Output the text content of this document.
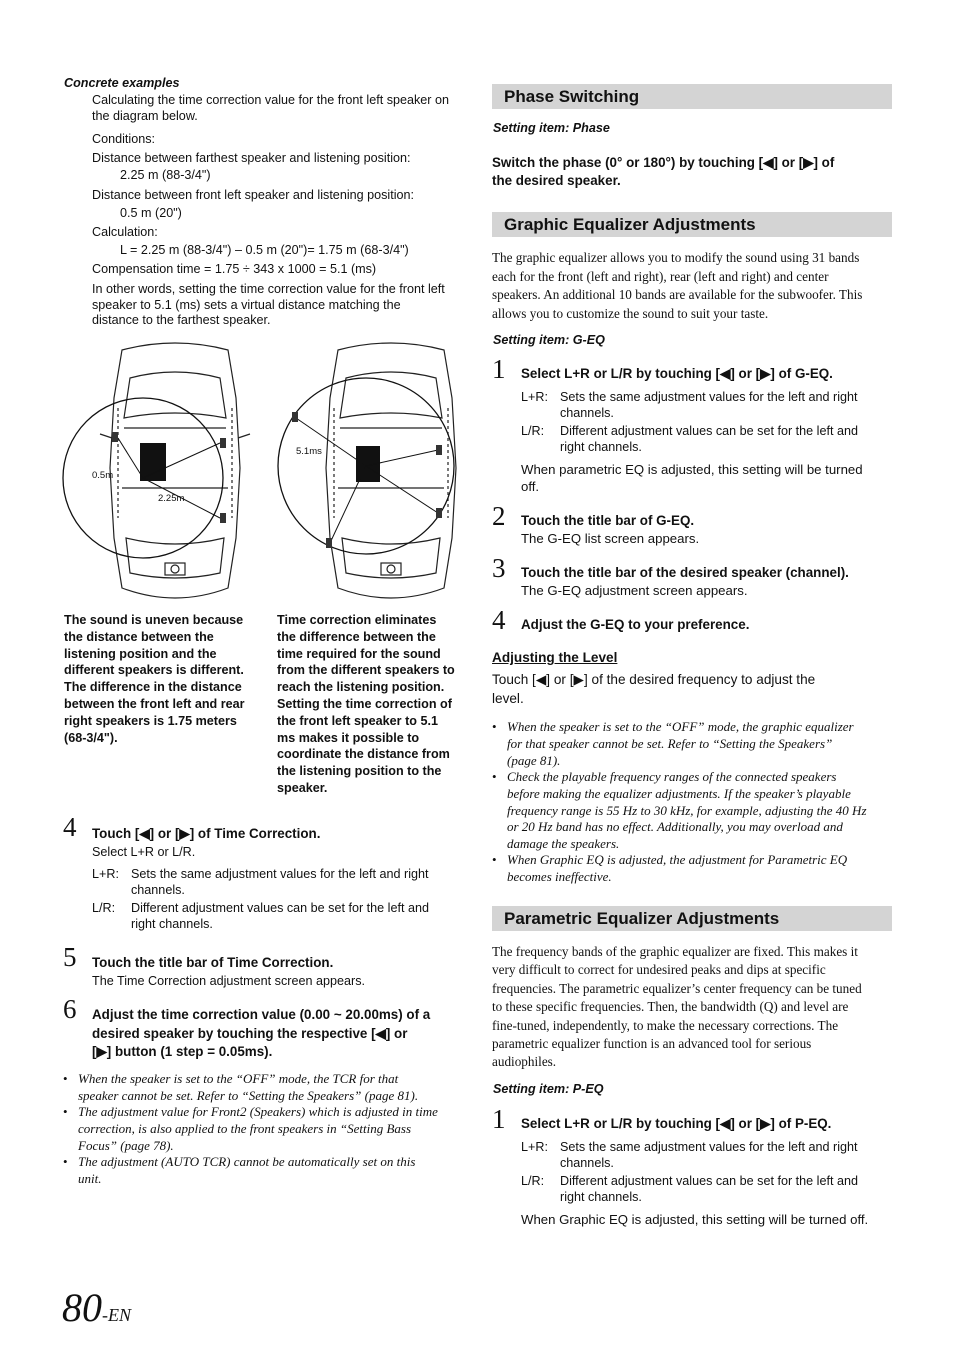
Concrete examples
Calculating the time correction value for the front left speaker on
the diagram below.
Conditions:
Distance between farthest speaker and listening position:
2.25 m (88-3/4")
Distance between front left speaker and listening position:
0.5 m (20")
Calculation:
L = 2.25 m (88-3/4") – 0.5 m (20")= 1.75 m (68-3/4")
Compensation time = 1.75 ÷ 343 x 1000 = 5.1 (ms)
In other words, setting the time correction value for the front left
speaker to 5.1 (ms) sets a virtual distance matching the
distance to the farthest speaker.
0.5m
2.25m
5.1ms
The sound is uneven because
the distance between the
listening position and the
different speakers is different.
The difference in the distance
between the front left and rear
right speakers is 1.75 meters
(68-3/4").
Time correction eliminates
the difference between the
time required for the sound
from the different speakers to
reach the listening position.
Setting the time correction of
the front left speaker to 5.1
ms makes it possible to
coordinate the distance from
the listening position to the
speaker.
4 Touch [◀] or [▶] of Time Correction.
Select L+R or L/R.
L+R: Sets the same adjustment values for the left and right
channels.
L/R: Different adjustment values can be set for the left and
right channels.
5 Touch the title bar of Time Correction.
The Time Correction adjustment screen appears.
6 Adjust the time correction value (0.00 ~ 20.00ms) of a
desired speaker by touching the respective [◀] or
[▶] button (1 step = 0.05ms).
• When the speaker is set to the “OFF” mode, the TCR for that
speaker cannot be set. Refer to “Setting the Speakers” (page 81).
• The adjustment value for Front2 (Speakers) which is adjusted in time
correction, is also applied to the front speakers in “Setting Bass
Focus” (page 78).
• The adjustment (AUTO TCR) cannot be automatically set on this
unit.
Phase Switching
Setting item: Phase
Switch the phase (0° or 180°) by touching [◀] or [▶] of
the desired speaker.
Graphic Equalizer Adjustments
The graphic equalizer allows you to modify the sound using 31 bands
each for the front (left and right), rear (left and right) and center
speakers. An additional 10 bands are available for the subwoofer. This
allows you to customize the sound to suit your taste.
Setting item: G-EQ
1 Select L+R or L/R by touching [◀] or [▶] of G-EQ.
L+R: Sets the same adjustment values for the left and right
channels.
L/R: Different adjustment values can be set for the left and
right channels.
When parametric EQ is adjusted, this setting will be turned
off.
2 Touch the title bar of G-EQ.
The G-EQ list screen appears.
3 Touch the title bar of the desired speaker (channel).
The G-EQ adjustment screen appears.
4 Adjust the G-EQ to your preference.
Adjusting the Level
Touch [◀] or [▶] of the desired frequency to adjust the
level.
• When the speaker is set to the “OFF” mode, the graphic equalizer
for that speaker cannot be set. Refer to “Setting the Speakers”
(page 81).
• Check the playable frequency ranges of the connected speakers
before making the equalizer adjustments. If the speaker’s playable
frequency range is 55 Hz to 30 kHz, for example, adjusting the 40 Hz
or 20 Hz band has no effect. Additionally, you may overload and
damage the speakers.
• When Graphic EQ is adjusted, the adjustment for Parametric EQ
becomes ineffective.
Parametric Equalizer Adjustments
The frequency bands of the graphic equalizer are fixed. This makes it
very difficult to correct for undesired peaks and dips at specific
frequencies. The parametric equalizer’s center frequency can be tuned
to these specific frequencies. Then, the bandwidth (Q) and level are
fine-tuned, independently, to make the necessary corrections. The
parametric equalizer function is an advanced tool for serious
audiophiles.
Setting item: P-EQ
1 Select L+R or L/R by touching [◀] or [▶] of P-EQ.
L+R: Sets the same adjustment values for the left and right
channels.
L/R: Different adjustment values can be set for the left and
right channels.
When Graphic EQ is adjusted, this setting will be turned off.
80-EN
